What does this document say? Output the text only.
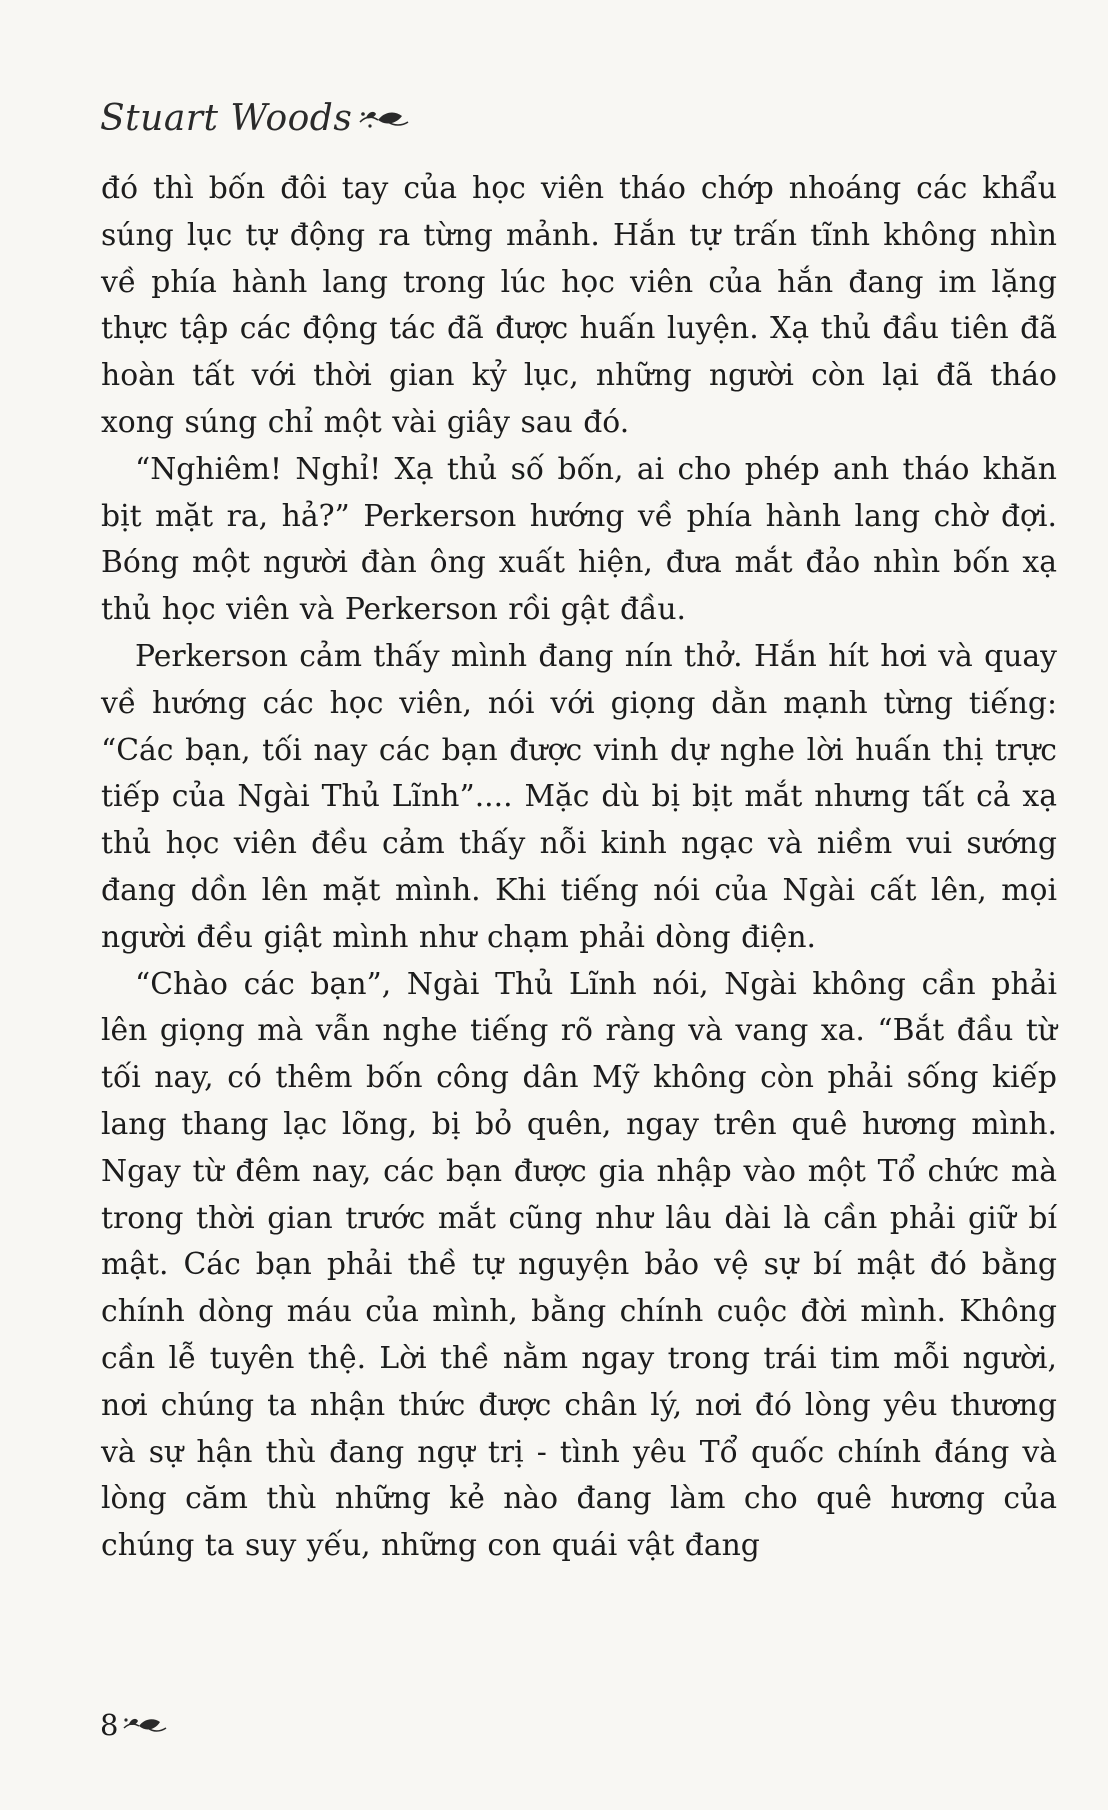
Stuart Woods

đó thì bốn đôi tay của học viên tháo chớp nhoáng các khẩu súng lục tự động ra từng mảnh. Hắn tự trấn tĩnh không nhìn về phía hành lang trong lúc học viên của hắn đang im lặng thực tập các động tác đã được huấn luyện. Xạ thủ đầu tiên đã hoàn tất với thời gian kỷ lục, những người còn lại đã tháo xong súng chỉ một vài giây sau đó.

“Nghiêm! Nghỉ! Xạ thủ số bốn, ai cho phép anh tháo khăn bịt mặt ra, hả?” Perkerson hướng về phía hành lang chờ đợi. Bóng một người đàn ông xuất hiện, đưa mắt đảo nhìn bốn xạ thủ học viên và Perkerson rồi gật đầu.

Perkerson cảm thấy mình đang nín thở. Hắn hít hơi và quay về hướng các học viên, nói với giọng dằn mạnh từng tiếng: “Các bạn, tối nay các bạn được vinh dự nghe lời huấn thị trực tiếp của Ngài Thủ Lĩnh”.... Mặc dù bị bịt mắt nhưng tất cả xạ thủ học viên đều cảm thấy nỗi kinh ngạc và niềm vui sướng đang dồn lên mặt mình. Khi tiếng nói của Ngài cất lên, mọi người đều giật mình như chạm phải dòng điện.

“Chào các bạn”, Ngài Thủ Lĩnh nói, Ngài không cần phải lên giọng mà vẫn nghe tiếng rõ ràng và vang xa. “Bắt đầu từ tối nay, có thêm bốn công dân Mỹ không còn phải sống kiếp lang thang lạc lõng, bị bỏ quên, ngay trên quê hương mình. Ngay từ đêm nay, các bạn được gia nhập vào một Tổ chức mà trong thời gian trước mắt cũng như lâu dài là cần phải giữ bí mật. Các bạn phải thề tự nguyện bảo vệ sự bí mật đó bằng chính dòng máu của mình, bằng chính cuộc đời mình. Không cần lễ tuyên thệ. Lời thề nằm ngay trong trái tim mỗi người, nơi chúng ta nhận thức được chân lý, nơi đó lòng yêu thương và sự hận thù đang ngự trị - tình yêu Tổ quốc chính đáng và lòng căm thù những kẻ nào đang làm cho quê hương của chúng ta suy yếu, những con quái vật đang

8
